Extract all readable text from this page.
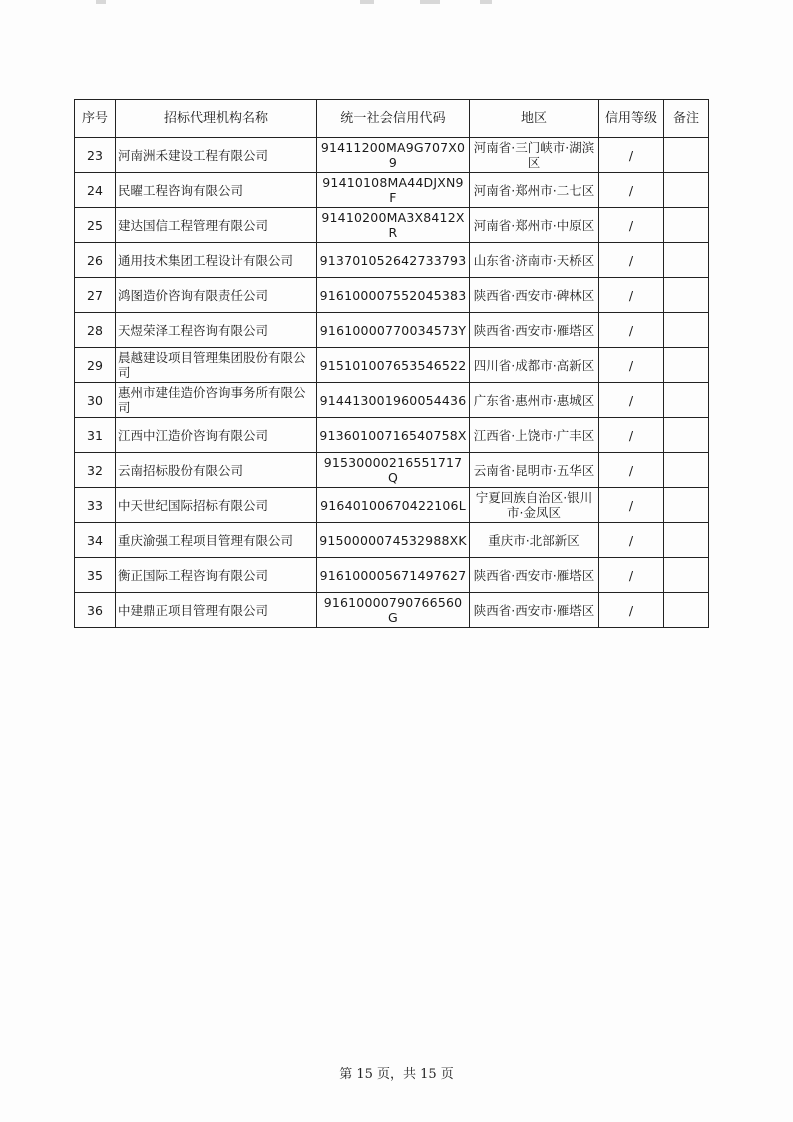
序号	招标代理机构名称	统一社会信用代码	地区	信用等级	备注
23	河南洲禾建设工程有限公司	91411200MA9G707X09	河南省·三门峡市·湖滨区	/	
24	民曜工程咨询有限公司	91410108MA44DJXN9F	河南省·郑州市·二七区	/	
25	建达国信工程管理有限公司	91410200MA3X8412XR	河南省·郑州市·中原区	/	
26	通用技术集团工程设计有限公司	913701052642733793	山东省·济南市·天桥区	/	
27	鸿图造价咨询有限责任公司	916100007552045383	陕西省·西安市·碑林区	/	
28	天煜荣泽工程咨询有限公司	91610000770034573Y	陕西省·西安市·雁塔区	/	
29	晨越建设项目管理集团股份有限公司	915101007653546522	四川省·成都市·高新区	/	
30	惠州市建佳造价咨询事务所有限公司	914413001960054436	广东省·惠州市·惠城区	/	
31	江西中江造价咨询有限公司	91360100716540758X	江西省·上饶市·广丰区	/	
32	云南招标股份有限公司	91530000216551717Q	云南省·昆明市·五华区	/	
33	中天世纪国际招标有限公司	91640100670422106L	宁夏回族自治区·银川市·金凤区	/	
34	重庆渝强工程项目管理有限公司	9150000074532988XK	重庆市·北部新区	/	
35	衡正国际工程咨询有限公司	916100005671497627	陕西省·西安市·雁塔区	/	
36	中建鼎正项目管理有限公司	91610000790766560G	陕西省·西安市·雁塔区	/	
第 15 页，共 15 页
